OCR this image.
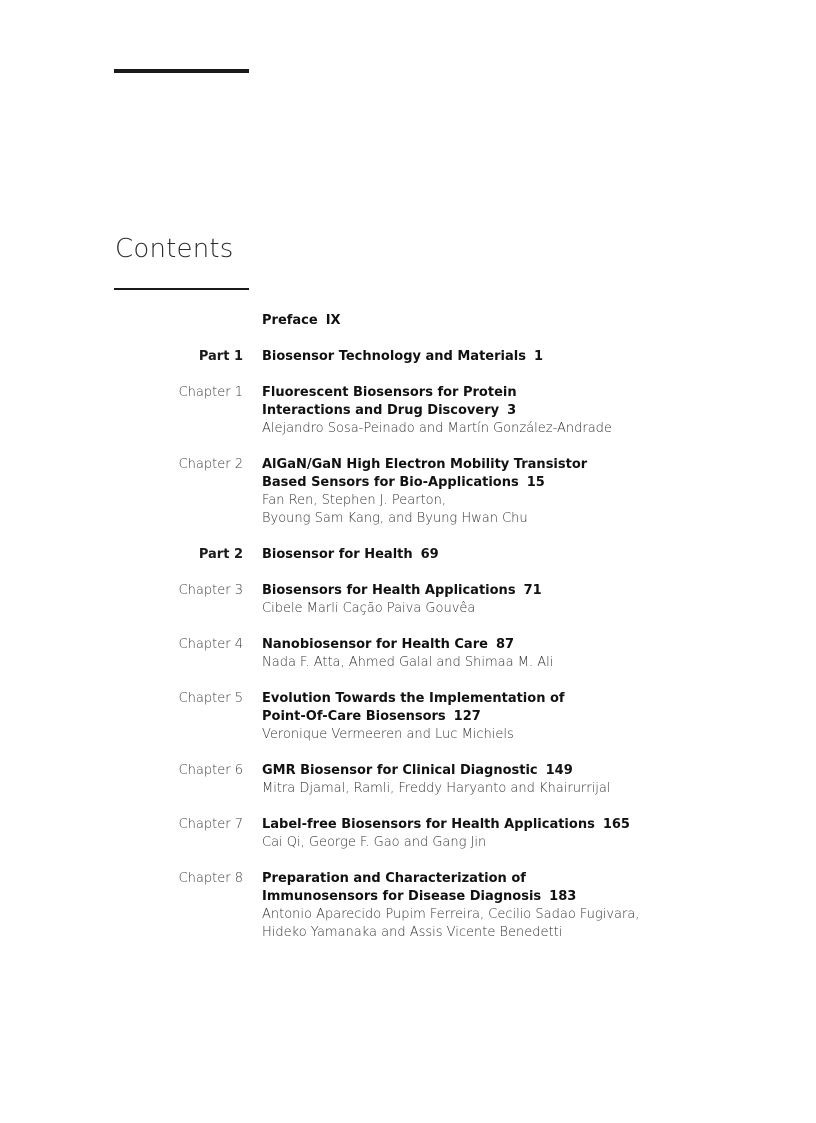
Contents
Preface IX
Part 1 Biosensor Technology and Materials 1
Chapter 1 Fluorescent Biosensors for Protein
Interactions and Drug Discovery 3
Alejandro Sosa-Peinado and Martín González-Andrade
Chapter 2 AlGaN/GaN High Electron Mobility Transistor
Based Sensors for Bio-Applications 15
Fan Ren, Stephen J. Pearton,
Byoung Sam Kang, and Byung Hwan Chu
Part 2 Biosensor for Health 69
Chapter 3 Biosensors for Health Applications 71
Cibele Marli Cação Paiva Gouvêa
Chapter 4 Nanobiosensor for Health Care 87
Nada F. Atta, Ahmed Galal and Shimaa M. Ali
Chapter 5 Evolution Towards the Implementation of
Point-Of-Care Biosensors 127
Veronique Vermeeren and Luc Michiels
Chapter 6 GMR Biosensor for Clinical Diagnostic 149
Mitra Djamal, Ramli, Freddy Haryanto and Khairurrijal
Chapter 7 Label-free Biosensors for Health Applications 165
Cai Qi, George F. Gao and Gang Jin
Chapter 8 Preparation and Characterization of
Immunosensors for Disease Diagnosis 183
Antonio Aparecido Pupim Ferreira, Cecilio Sadao Fugivara,
Hideko Yamanaka and Assis Vicente Benedetti
